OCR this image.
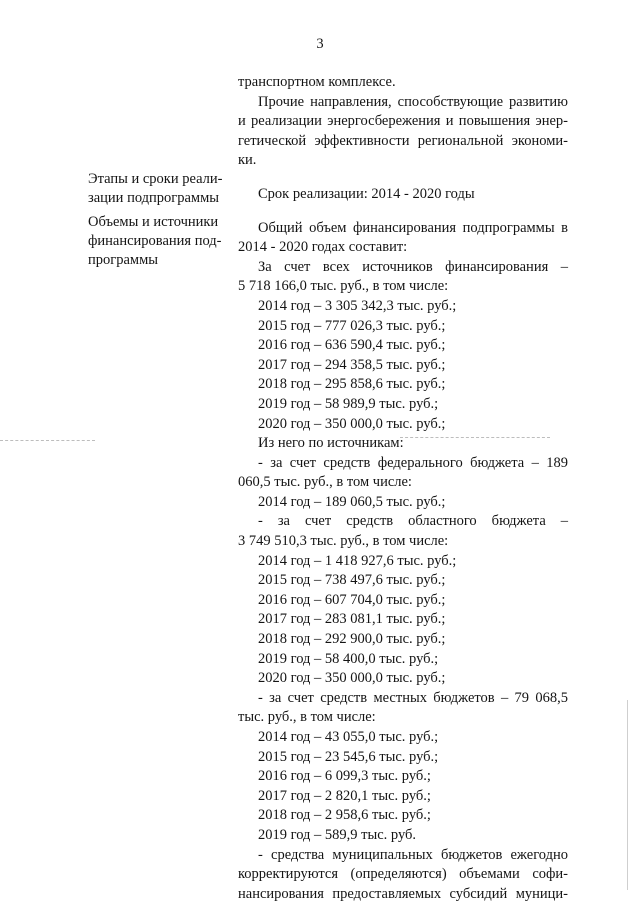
3
Этапы и сроки реали-
зации подпрограммы
Объемы и источники
финансирования под-
программы
транспортном комплексе.
Прочие направления, способствующие развитию
и реализации энергосбережения и повышения энер-
гетической эффективности региональной экономи-
ки.
Срок реализации: 2014 - 2020 годы
Общий объем финансирования подпрограммы в
2014 - 2020 годах составит:
За счет всех источников финансирования –
5 718 166,0 тыс. руб., в том числе:
2014 год – 3 305 342,3 тыс. руб.;
2015 год – 777 026,3 тыс. руб.;
2016 год – 636 590,4 тыс. руб.;
2017 год – 294 358,5 тыс. руб.;
2018 год – 295 858,6 тыс. руб.;
2019 год – 58 989,9 тыс. руб.;
2020 год – 350 000,0 тыс. руб.;
Из него по источникам:
- за счет средств федерального бюджета – 189
060,5 тыс. руб., в том числе:
2014 год – 189 060,5 тыс. руб.;
- за счет средств областного бюджета –
3 749 510,3 тыс. руб., в том числе:
2014 год – 1 418 927,6 тыс. руб.;
2015 год – 738 497,6 тыс. руб.;
2016 год – 607 704,0 тыс. руб.;
2017 год – 283 081,1 тыс. руб.;
2018 год – 292 900,0 тыс. руб.;
2019 год – 58 400,0 тыс. руб.;
2020 год – 350 000,0 тыс. руб.;
- за счет средств местных бюджетов – 79 068,5
тыс. руб., в том числе:
2014 год – 43 055,0 тыс. руб.;
2015 год – 23 545,6 тыс. руб.;
2016 год – 6 099,3 тыс. руб.;
2017 год – 2 820,1 тыс. руб.;
2018 год – 2 958,6 тыс. руб.;
2019 год – 589,9 тыс. руб.
- средства муниципальных бюджетов ежегодно
корректируются (определяются) объемами софи-
нансирования предоставляемых субсидий муници-
